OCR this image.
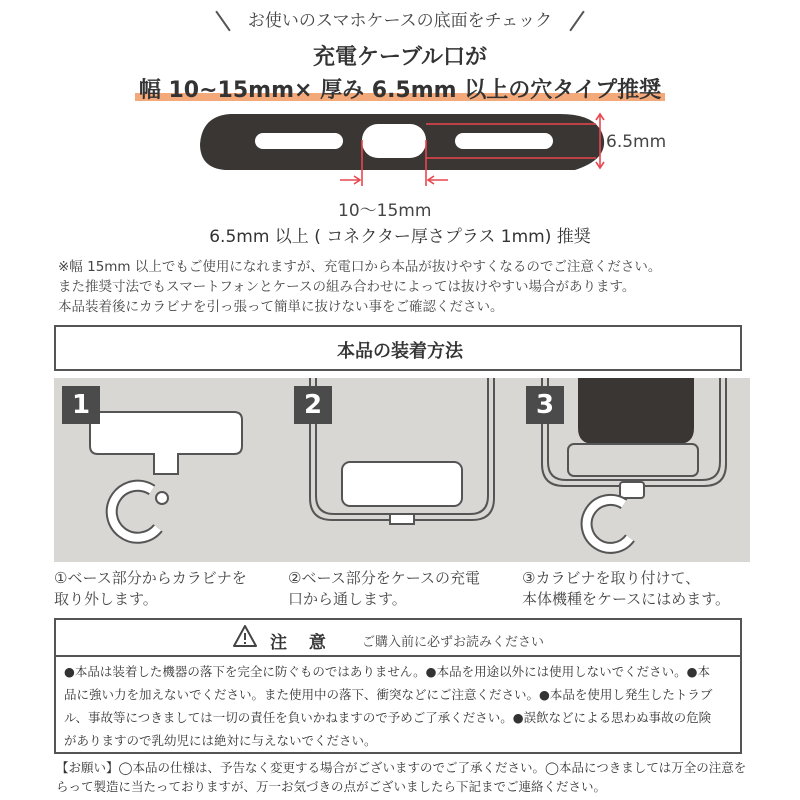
お使いのスマホケースの底面をチェック
充電ケーブル口が
幅 10~15mm× 厚み 6.5mm 以上の穴タイプ推奨
6.5mm
10〜15mm
6.5mm 以上 ( コネクター厚さプラス 1mm) 推奨
※幅 15mm 以上でもご使用になれますが、充電口から本品が抜けやすくなるのでご注意ください。
また推奨寸法でもスマートフォンとケースの組み合わせによっては抜けやすい場合があります。
本品装着後にカラビナを引っ張って簡単に抜けない事をご確認ください。
本品の装着方法
1
①ベース部分からカラビナを
取り外します。
2
②ベース部分をケースの充電
口から通します。
3
③カラビナを取り付けて、
本体機種をケースにはめます。
注 意 ご購入前に必ずお読みください
●本品は装着した機器の落下を完全に防ぐものではありません。●本品を用途以外には使用しないでください。●本
品に強い力を加えないでください。また使用中の落下、衝突などにご注意ください。●本品を使用し発生したトラブ
ル、事故等につきましては一切の責任を負いかねますので予めご了承ください。●誤飲などによる思わぬ事故の危険
がありますので乳幼児には絶対に与えないでください。
【お願い】◯本品の仕様は、予告なく変更する場合がございますのでご了承ください。◯本品につきましては万全の注意を
らって製造に当たっておりますが、万一お気づきの点がございましたら下記までご連絡ください。
